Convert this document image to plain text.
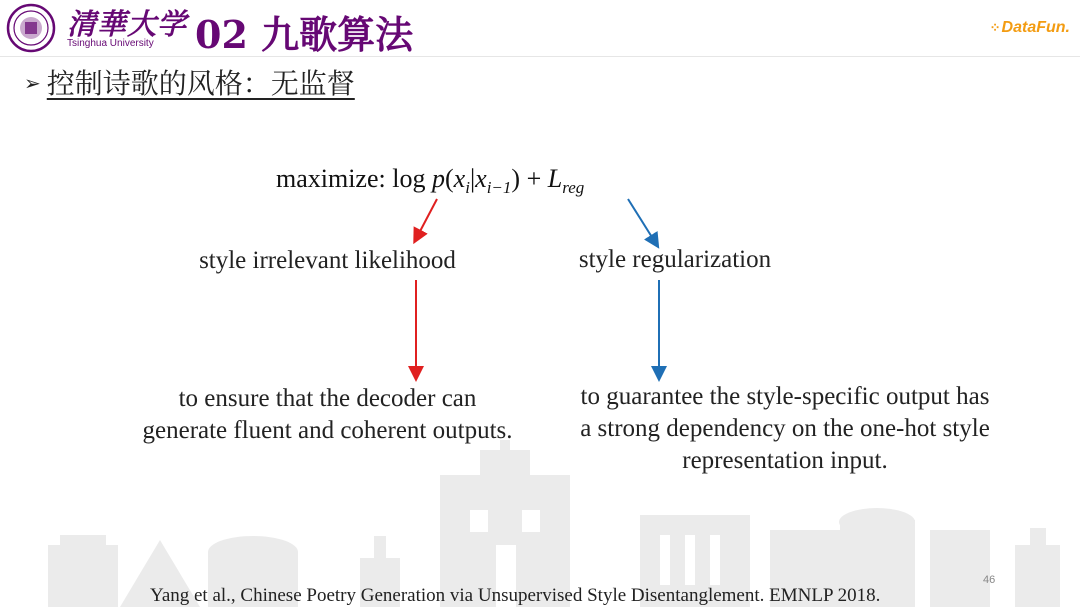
清華大学
Tsinghua University 02 九歌算法	⁘ DataFun.
➢ 控制诗歌的风格：无监督
maximize: $\log p(x_i|x_{i-1}) + L_{reg}$
style irrelevant likelihood	style regularization
to ensure that the decoder can
generate fluent and coherent outputs.
to guarantee the style-specific output has
a strong dependency on the one-hot style
representation input.
46
Yang et al., Chinese Poetry Generation via Unsupervised Style Disentanglement. EMNLP 2018.
